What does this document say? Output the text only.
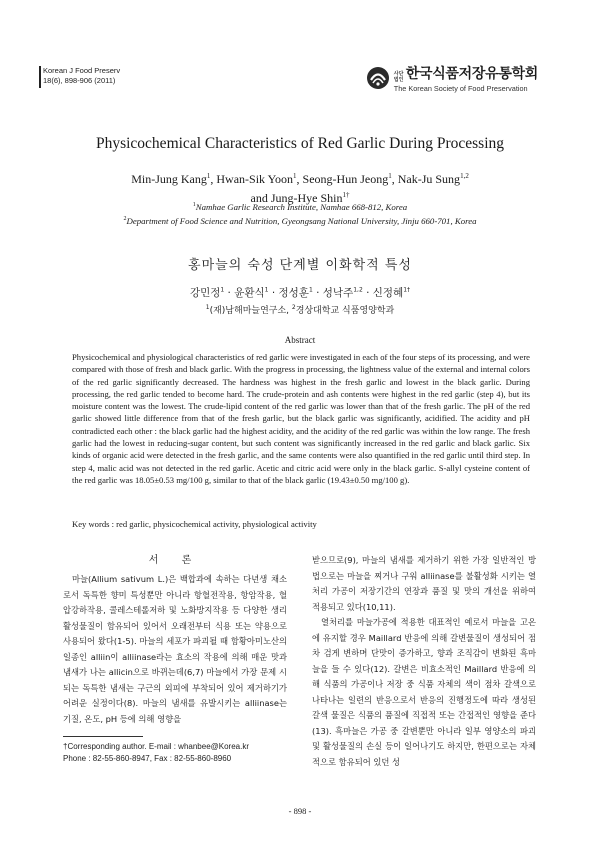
Korean J Food Preserv
18(6), 898-906 (2011)
사단법인 한국식품저장유통학회
The Korean Society of Food Preservation
Physicochemical Characteristics of Red Garlic During Processing
Min-Jung Kang$^1$, Hwan-Sik Yoon$^1$, Seong-Hun Jeong$^1$, Nak-Ju Sung$^{1,2}$
and Jung-Hye Shin$^{1\dagger}$
$^1$Namhae Garlic Research Institute, Namhae 668-812, Korea
$^2$Department of Food Science and Nutrition, Gyeongsang National University, Jinju 660-701, Korea
홍마늘의 숙성 단계별 이화학적 특성
강민정$^1$ · 윤환식$^1$ · 정성훈$^1$ · 성낙주$^{1,2}$ · 신정혜$^{1\dagger}$
$^1$(재)남해마늘연구소, $^2$경상대학교 식품영양학과
Abstract

Physicochemical and physiological characteristics of red garlic were investigated in each of the four steps of its processing, and were compared with those of fresh and black garlic. With the progress in processing, the lightness value of the external and internal colors of the red garlic significantly decreased. The hardness was highest in the fresh garlic and lowest in the black garlic. During processing, the red garlic tended to become hard. The crude-protein and ash contents were highest in the red garlic (step 4), but its moisture content was the lowest. The crude-lipid content of the red garlic was lower than that of the fresh garlic. The pH of the red garlic showed little difference from that of the fresh garlic, but the black garlic was significantly, acidified. The acidity and pH contradicted each other : the black garlic had the highest acidity, and the acidity of the red garlic was within the low range. The fresh garlic had the lowest in reducing-sugar content, but such content was significantly increased in the red garlic and black garlic. Six kinds of organic acid were detected in the fresh garlic, and the same contents were also quantified in the red garlic until third step. In step 4, malic acid was not detected in the red garlic. Acetic and citric acid were only in the black garlic. S-allyl cysteine content of the red garlic was 18.05±0.53 mg/100 g, similar to that of the black garlic (19.43±0.50 mg/100 g).

Key words : red garlic, physicochemical activity, physiological activity
서 론

마늘(Allium sativum L.)은 백합과에 속하는 다년생 채소로서 독특한 향미 특성뿐만 아니라 항혈전작용, 항암작용, 혈압강하작용, 콜레스테롤저하 및 노화방지작용 등 다양한 생리활성물질이 함유되어 있어서 오래전부터 식용 또는 약용으로 사용되어 왔다(1-5). 마늘의 세포가 파괴될 때 함황아미노산의 일종인 alliin이 alliinase라는 효소의 작용에 의해 매운 맛과 냄새가 나는 allicin으로 바뀌는데(6,7) 마늘에서 가장 문제 시 되는 독특한 냄새는 구근의 외피에 부착되어 있어 제거하기가 어려운 실정이다(8). 마늘의 냄새를 유발시키는 alliinase는 기질, 온도, pH 등에 의해 영향을

받으므로(9), 마늘의 냄새를 제거하기 위한 가장 일반적인 방법으로는 마늘을 찌거나 구워 alliinase를 불활성화 시키는 열처리 가공이 저장기간의 연장과 품질 및 맛의 개선을 위하여 적용되고 있다(10,11).

열처리를 마늘가공에 적용한 대표적인 예로서 마늘을 고온에 유지할 경우 Maillard 반응에 의해 갈변물질이 생성되어 점차 검게 변하며 단맛이 증가하고, 향과 조직감이 변화된 흑마늘을 들 수 있다(12). 갈변은 비효소적인 Maillard 반응에 의해 식품의 가공이나 저장 중 식품 자체의 색이 점차 갈색으로 나타나는 일련의 반응으로서 반응의 진행정도에 따라 생성된 갈색 물질은 식품의 품질에 직접적 또는 간접적인 영향을 준다(13). 흑마늘은 가공 중 갈변뿐만 아니라 일부 영양소의 파괴 및 활성물질의 손실 등이 일어나기도 하지만, 한편으로는 자체적으로 함유되어 있던 성

†Corresponding author. E-mail : whanbee@Korea.kr
Phone : 82-55-860-8947, Fax : 82-55-860-8960
- 898 -
